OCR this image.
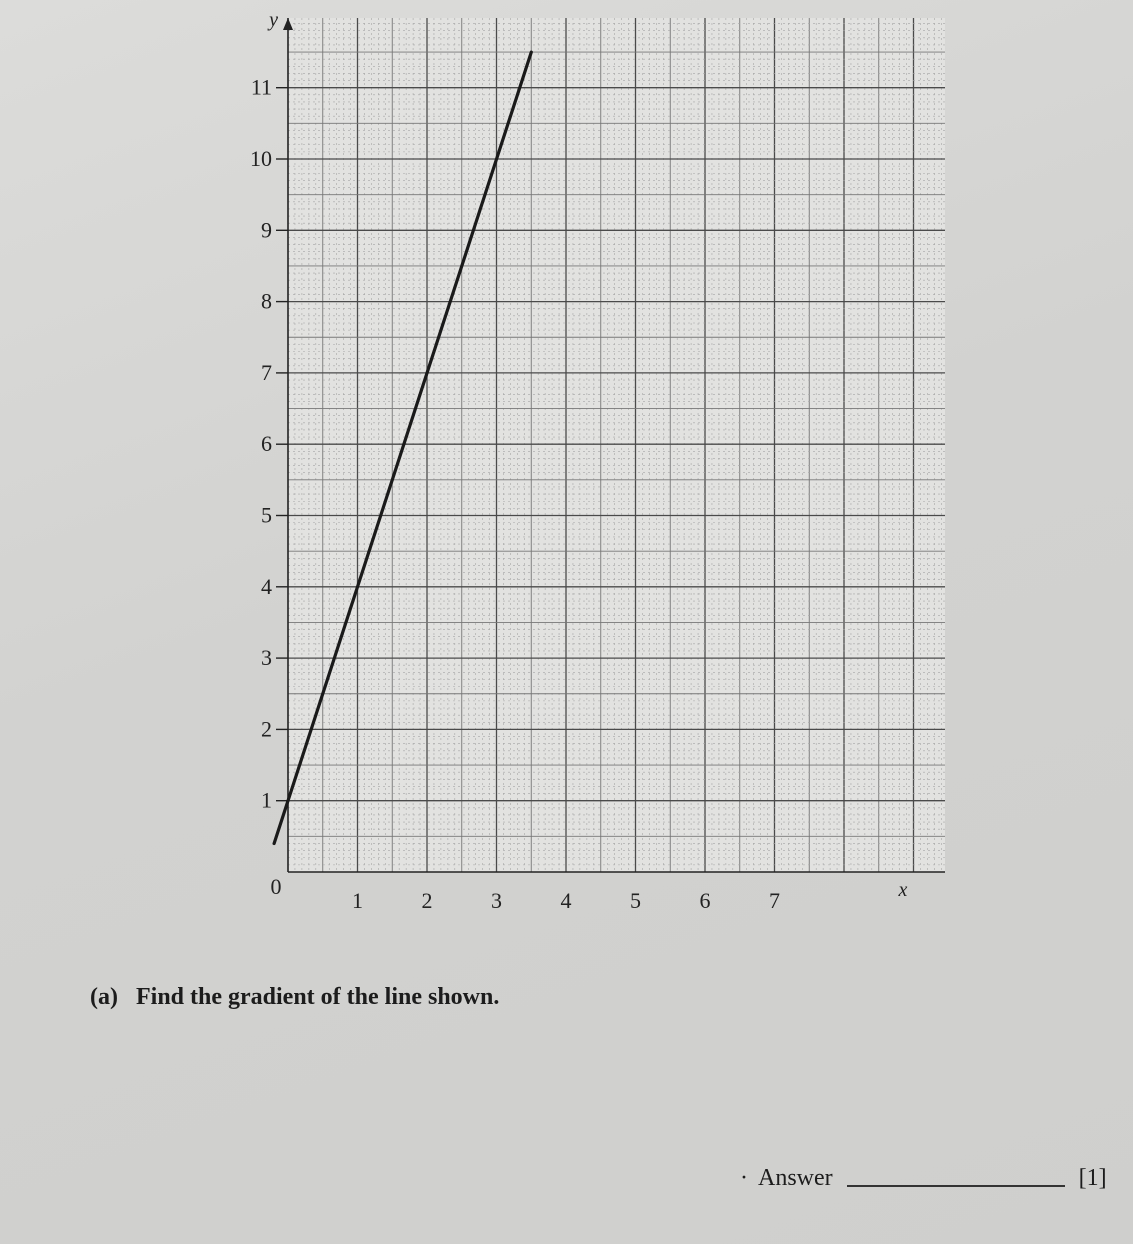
1
2
3
4
5
6
7
8
9
10
11
1	2	3	4	5	6	7
0
y
x
(a) Find the gradient of the line shown.
· Answer	[1]
